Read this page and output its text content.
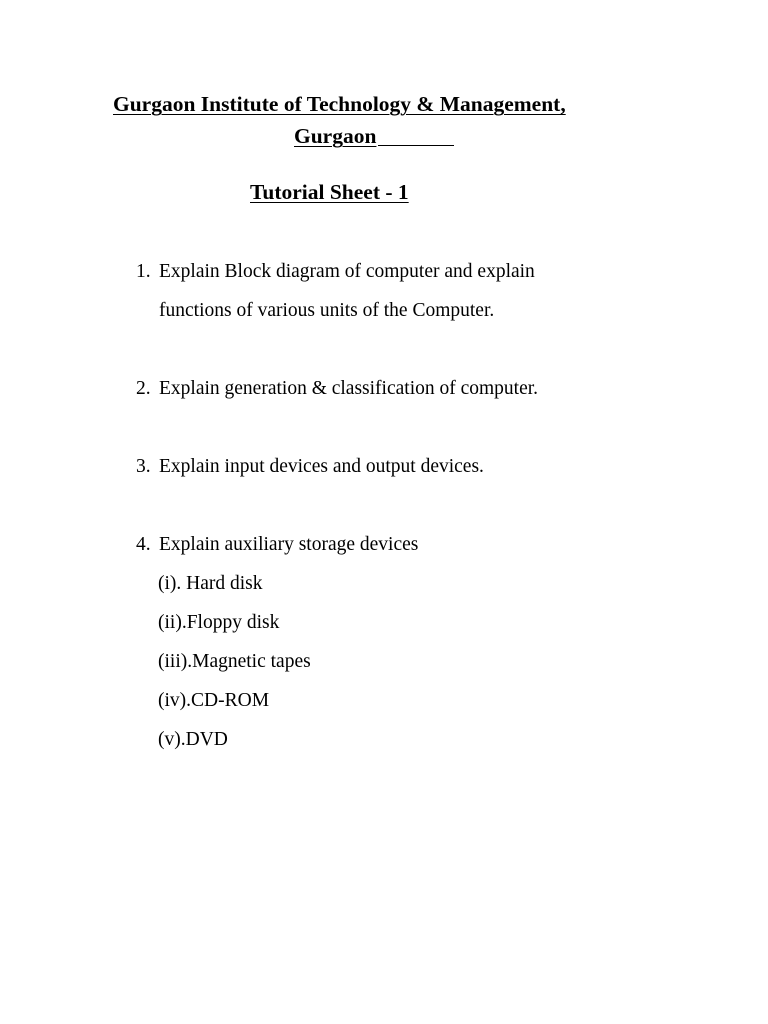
Gurgaon Institute of Technology & Management,
Gurgaon
Tutorial Sheet - 1
1. Explain Block diagram of computer and explain
functions of various units of the Computer.
2. Explain generation & classification of computer.
3. Explain input devices and output devices.
4. Explain auxiliary storage devices
(i). Hard disk
(ii).Floppy disk
(iii).Magnetic tapes
(iv).CD-ROM
(v).DVD
